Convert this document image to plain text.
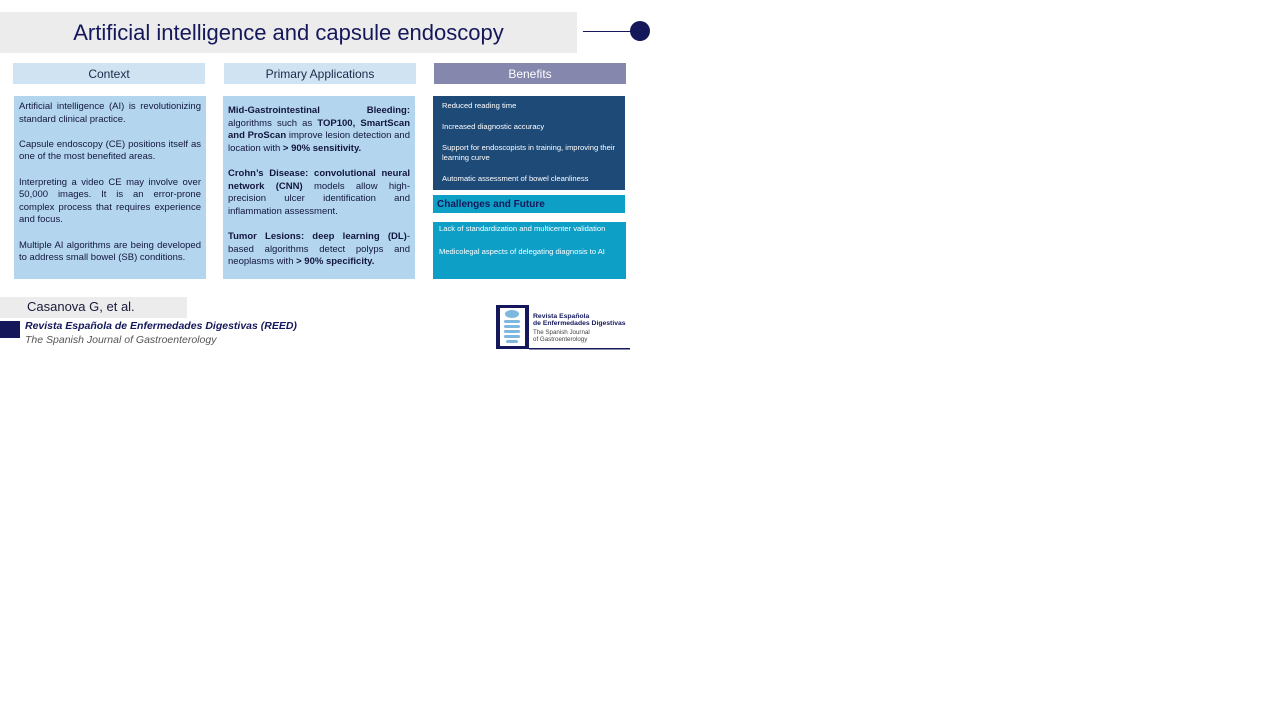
Artificial intelligence and capsule endoscopy
Context

Artificial intelligence (AI) is revolutionizing standard clinical practice.

Capsule endoscopy (CE) positions itself as one of the most benefited areas.

Interpreting a video CE may involve over 50,000 images. It is an error-prone complex process that requires experience and focus.

Multiple AI algorithms are being developed to address small bowel (SB) conditions.

Primary Applications

Mid-Gastrointestinal Bleeding: algorithms such as TOP100, SmartScan and ProScan improve lesion detection and location with > 90% sensitivity.

Crohn’s Disease: convolutional neural network (CNN) models allow high-precision ulcer identification and inflammation assessment.

Tumor Lesions: deep learning (DL)-based algorithms detect polyps and neoplasms with > 90% specificity.

Benefits
Reduced reading time
Increased diagnostic accuracy
Support for endoscopists in training, improving their learning curve
Automatic assessment of bowel cleanliness
Challenges and Future
Lack of standardization and multicenter validation
Medicolegal aspects of delegating diagnosis to AI
Casanova G, et al.
Revista Española de Enfermedades Digestivas (REED)
The Spanish Journal of Gastroenterology
Revista Española
de Enfermedades Digestivas
The Spanish Journal
of Gastroenterology
